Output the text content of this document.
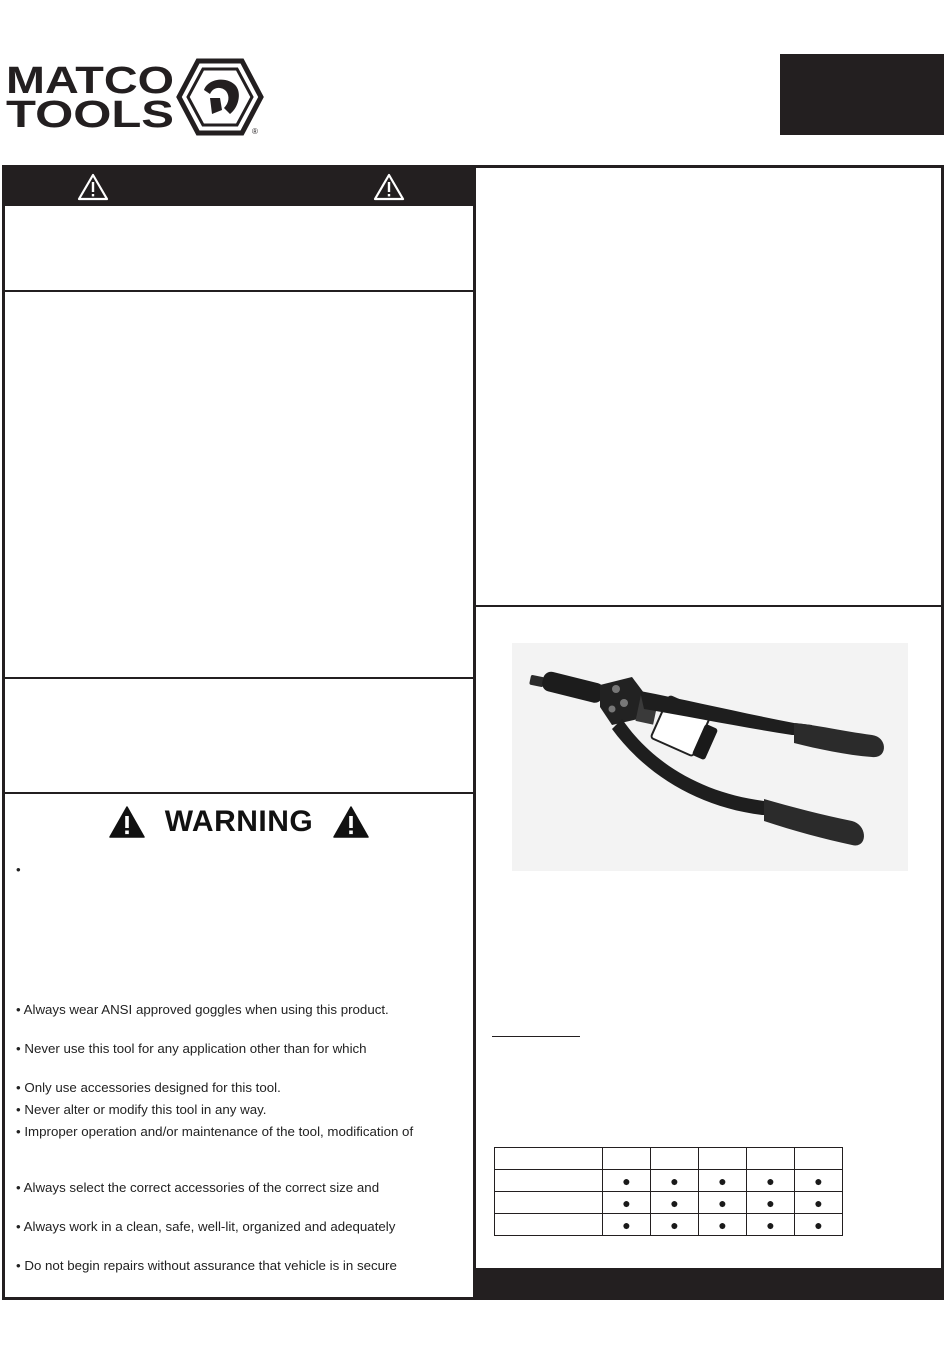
MATCO
TOOLS	®
WARNING
•
• Always wear ANSI approved goggles when using this product.
• Never use this tool for any application other than for which
• Only use accessories designed for this tool.
• Never alter or modify this tool in any way.
• Improper operation and/or maintenance of the tool, modification of
• Always select the correct accessories of the correct size and
• Always work in a clean, safe, well-lit, organized and adequately
• Do not begin repairs without assurance that vehicle is in secure

	●	●	●	●	●
	●	●	●	●	●
	●	●	●	●	●
